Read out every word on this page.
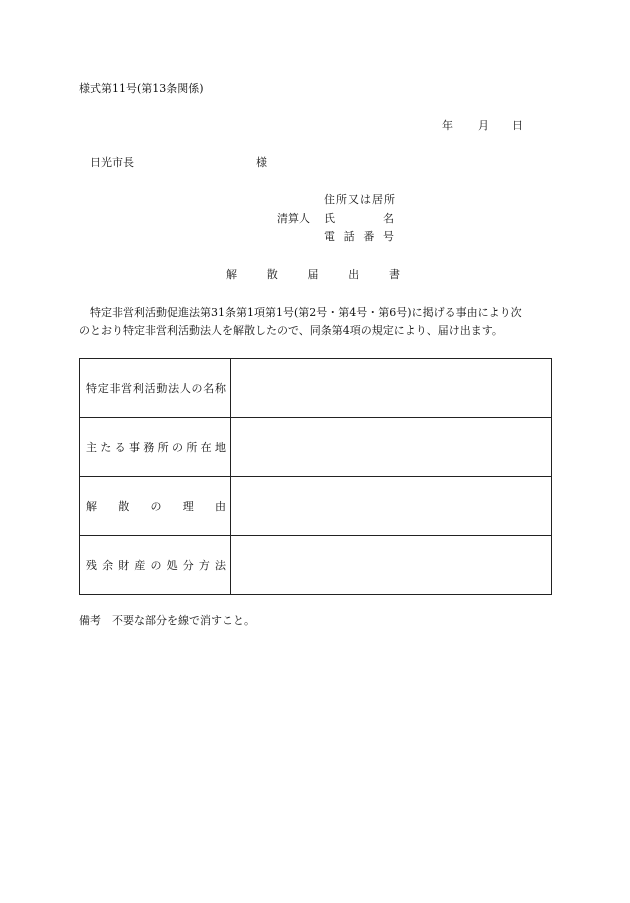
様式第11号(第13条関係)
年 月 日
日光市長	様
清算人
住所又は居所
氏名
電話番号
解散届出書
特定非営利活動促進法第31条第1項第1号(第2号・第4号・第6号)に掲げる事由により次
のとおり特定非営利活動法人を解散したので、同条第4項の規定により、届け出ます。
特定非営利活動法人の名称	

主たる事務所の所在地	

解散の理由	

残余財産の処分方法	

備考　不要な部分を線で消すこと。
